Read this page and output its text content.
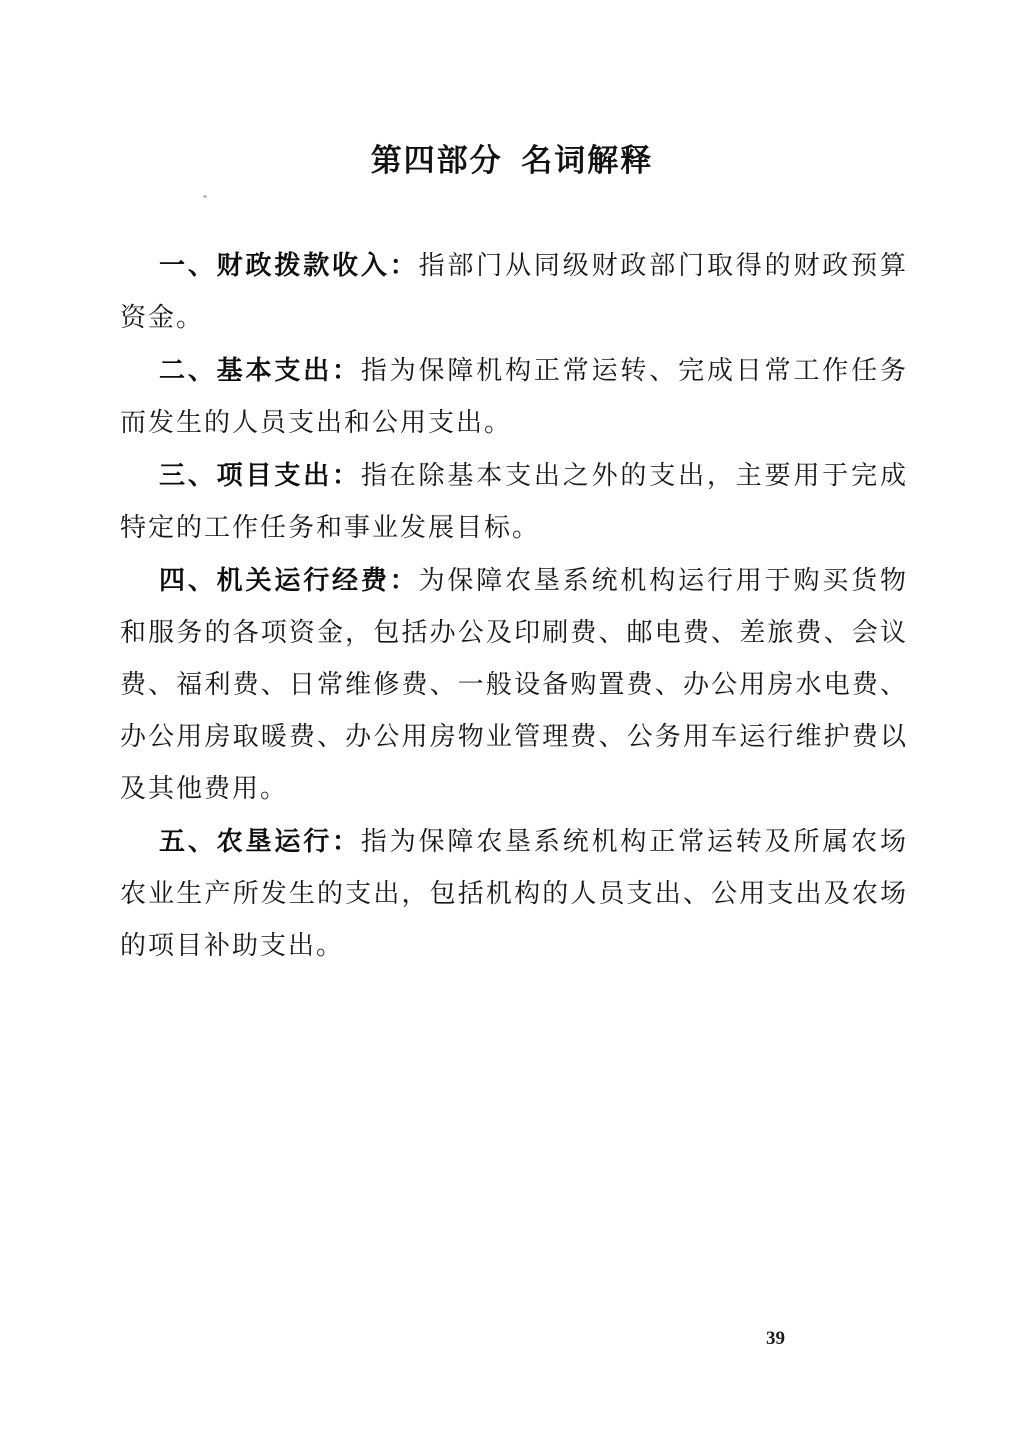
第四部分 名词解释

一、财政拨款收入：指部门从同级财政部门取得的财政预算资金。

二、基本支出：指为保障机构正常运转、完成日常工作任务而发生的人员支出和公用支出。

三、项目支出：指在除基本支出之外的支出，主要用于完成特定的工作任务和事业发展目标。

四、机关运行经费：为保障农垦系统机构运行用于购买货物和服务的各项资金，包括办公及印刷费、邮电费、差旅费、会议费、福利费、日常维修费、一般设备购置费、办公用房水电费、办公用房取暖费、办公用房物业管理费、公务用车运行维护费以及其他费用。

五、农垦运行：指为保障农垦系统机构正常运转及所属农场农业生产所发生的支出，包括机构的人员支出、公用支出及农场的项目补助支出。

39
